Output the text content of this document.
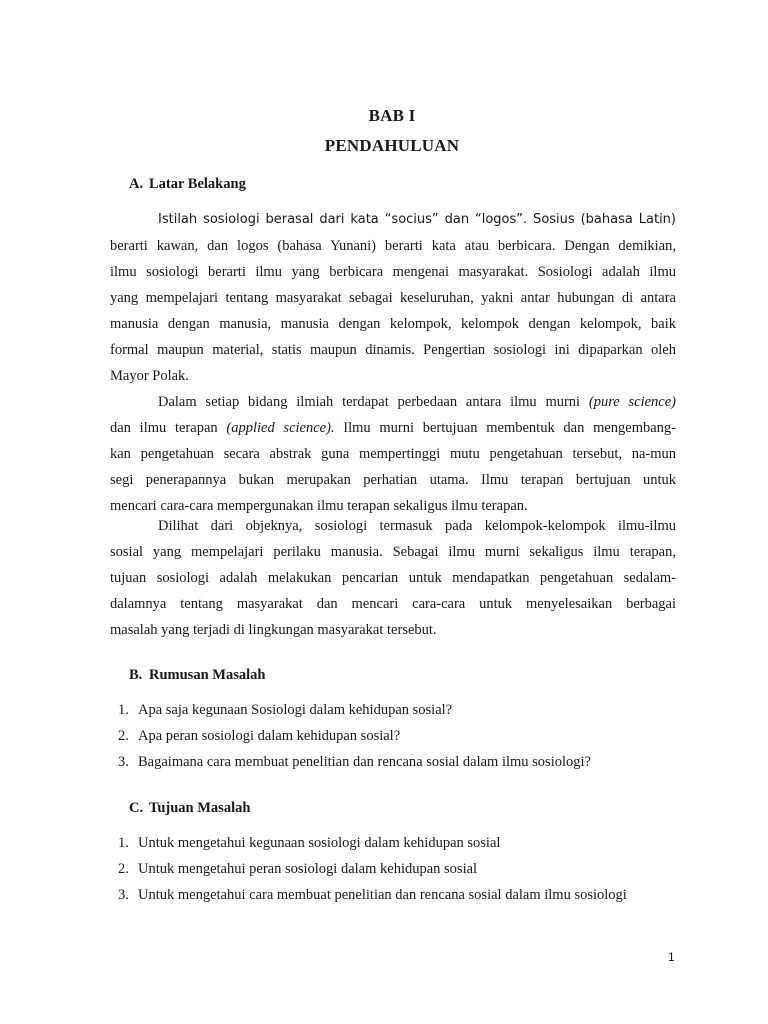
BAB I
PENDAHULUAN
A. Latar Belakang
Istilah sosiologi berasal dari kata “socius” dan “logos”. Sosius (bahasa Latin)
berarti kawan, dan logos (bahasa Yunani) berarti kata atau berbicara. Dengan demikian,
ilmu sosiologi berarti ilmu yang berbicara mengenai masyarakat. Sosiologi adalah ilmu
yang mempelajari tentang masyarakat sebagai keseluruhan, yakni antar hubungan di antara
manusia dengan manusia, manusia dengan kelompok, kelompok dengan kelompok, baik
formal maupun material, statis maupun dinamis. Pengertian sosiologi ini dipaparkan oleh
Mayor Polak.
Dalam setiap bidang ilmiah terdapat perbedaan antara ilmu murni (pure science)
dan ilmu terapan (applied science). Ilmu murni bertujuan membentuk dan mengembang-
kan pengetahuan secara abstrak guna mempertinggi mutu pengetahuan tersebut, na-mun
segi penerapannya bukan merupakan perhatian utama. Ilmu terapan bertujuan untuk
mencari cara-cara mempergunakan ilmu terapan sekaligus ilmu terapan.
Dilihat dari objeknya, sosiologi termasuk pada kelompok-kelompok ilmu-ilmu
sosial yang mempelajari perilaku manusia. Sebagai ilmu murni sekaligus ilmu terapan,
tujuan sosiologi adalah melakukan pencarian untuk mendapatkan pengetahuan sedalam-
dalamnya tentang masyarakat dan mencari cara-cara untuk menyelesaikan berbagai
masalah yang terjadi di lingkungan masyarakat tersebut.
B. Rumusan Masalah
1. Apa saja kegunaan Sosiologi dalam kehidupan sosial?
2. Apa peran sosiologi dalam kehidupan sosial?
3. Bagaimana cara membuat penelitian dan rencana sosial dalam ilmu sosiologi?
C. Tujuan Masalah
1. Untuk mengetahui kegunaan sosiologi dalam kehidupan sosial
2. Untuk mengetahui peran sosiologi dalam kehidupan sosial
3. Untuk mengetahui cara membuat penelitian dan rencana sosial dalam ilmu sosiologi
1
